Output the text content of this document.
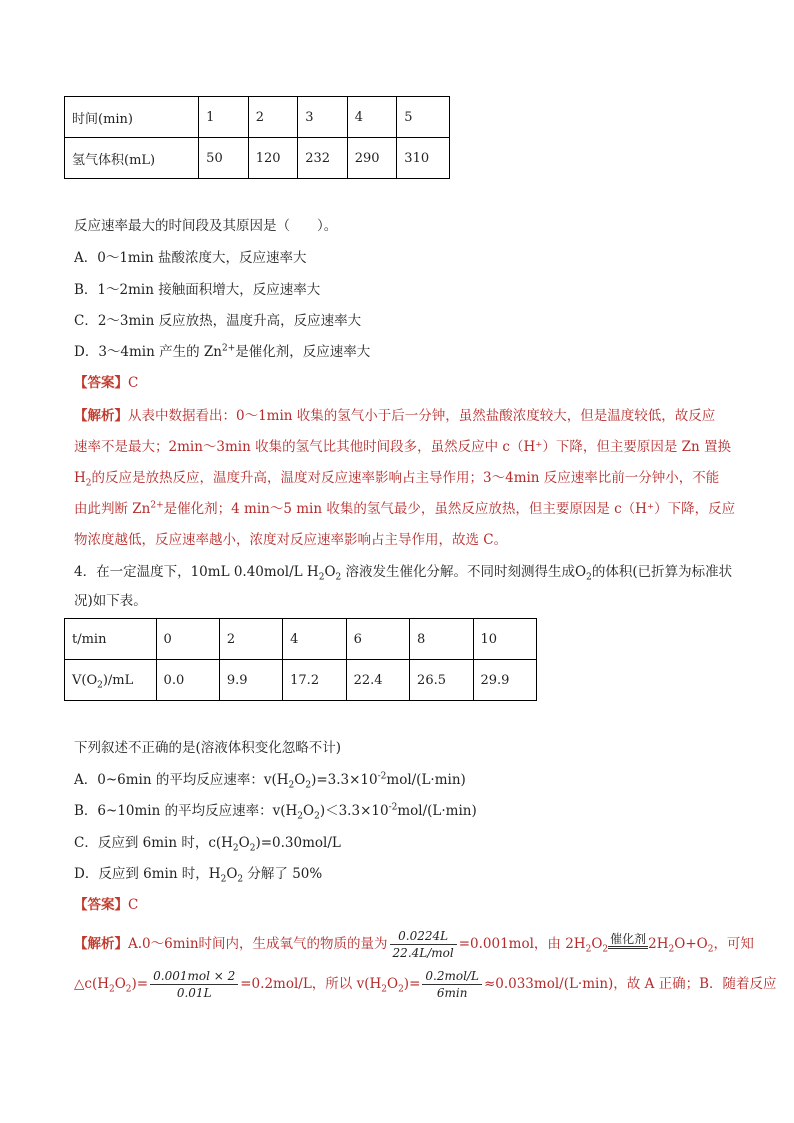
时间(min)	1	2	3	4	5
氢气体积(mL)	50	120	232	290	310
反应速率最大的时间段及其原因是（　　）。
A．0～1min 盐酸浓度大，反应速率大
B．1～2min 接触面积增大，反应速率大
C．2～3min 反应放热，温度升高，反应速率大
D．3～4min 产生的 $Zn^{2+}$是催化剂，反应速率大
【答案】C
【解析】从表中数据看出：0～1min 收集的氢气小于后一分钟，虽然盐酸浓度较大，但是温度较低，故反应
速率不是最大；2min～3min 收集的氢气比其他时间段多，虽然反应中 c（H⁺）下降，但主要原因是 Zn 置换
$H_2$的反应是放热反应，温度升高，温度对反应速率影响占主导作用；3～4min 反应速率比前一分钟小，不能
由此判断 $Zn^{2+}$是催化剂；4 min～5 min 收集的氢气最少，虽然反应放热，但主要原因是 c（H⁺）下降，反应
物浓度越低，反应速率越小，浓度对反应速率影响占主导作用，故选 C。
4．在一定温度下，10mL 0.40mol/L $H_2O_2$ 溶液发生催化分解。不同时刻测得生成$O_2$的体积(已折算为标准状
况)如下表。
t/min	0	2	4	6	8	10
$V(O_2)/mL$	0.0	9.9	17.2	22.4	26.5	29.9
下列叙述不正确的是(溶液体积变化忽略不计)
A．0~6min 的平均反应速率：$v(H_2O_2)=3.3\times 10^{-2}mol/(L\cdot\min)$
B．6~10min 的平均反应速率：$v(H_2O_2)<3.3\times 10^{-2}mol/(L\cdot\min)$
C．反应到 6min 时，$c(H_2O_2)=0.30mol/L$
D．反应到 6min 时，$H_2O_2$ 分解了 50%
【答案】C
【解析】A.0～6min时间内，生成氧气的物质的量为 $\frac{0.0224L}{\text{22.4L/mol}} =0.001mol$，由 $2H_2O_2$
催化剂 $2H_2O+O_2$，可知
$\triangle c(H_2O_2)= \frac{\text{0.001mol × 2}}{0.01L} =0.2mol/L$，所以 $v(H_2O_2)= \frac{\text{0.2mol/L}}{6\min} \approx 0.033mol/(L\cdot\min)$，故 A 正确；B．随着反应
